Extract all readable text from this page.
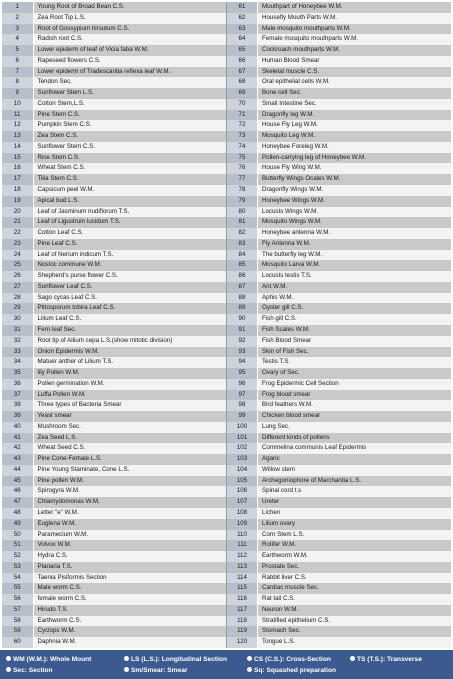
1	Young Root of Broad Bean C.S.	61	Mouthpart of Honeybee W.M.
2	Zea Root Tip L.S.	62	Housefly Mouth Parts W.M.
3	Root of Gossypium hirsutum C.S.	63	Male mosquito mouthparts W.M.
4	Radish root C.S.	64	Female mosquito mouthparts W.M.
5	Lower epiderm of leaf of Vicia faba W.M.	65	Cockroach mouthparts W.M.
6	Rapeseed flowers C.S.	66	Human Blood Smear
7	Lower epiderm of Tradescantia reflexa leaf W.M.	67	Skeletal muscle C.S.
8	Tendon Sec.	68	Oral epithelial cells W.M.
9	Sunflower Stem L.S.	69	Bone cell Sec.
10	Cotton Stem,L.S.	70	Small Intestine Sec.
11	Pine Stem C.S.	71	Dragonfly leg W.M.
12	Pumpkin Stem C.S.	72	House Fly Leg W.M.
13	Zea Stem C.S.	73	Mosquito Leg W.M.
14	Sunflower Stem C.S.	74	Honeybee Foreleg W.M.
15	Rice Stem C.S.	75	Pollen-carrying leg of Honeybee W.M.
16	Wheat Stem C.S.	76	House Fly Wing W.M.
17	Tilia Stem C.S.	77	Butterfly Wings Ocales W.M.
18	Capsicum peel W.M.	78	Dragonfly Wings W.M.
19	Apical bud L.S.	79	Honeybee Wings W.M.
20	Leaf of Jasminum nudiflorum T.S.	80	Locusts Wings W.M.
21	Leaf of Ligustrum lucidum T.S.	81	Mosquito Wings W.M.
22	Cotton Leaf C.S.	82	Honeybee antenna W.M.
23	Pine Leaf C.S.	83	Fly Antenna W.M.
24	Leaf of Nerium indicum T.S.	84	The butterfly leg W.M.
25	Nostoc commune W.M.	85	Mosquito Larva W.M.
26	Shepherd's purse flower C.S.	86	Locusts testis T.S.
27	Sunflower Leaf C.S.	87	Ant W.M.
28	Sago cycas Leaf C.S.	88	Aphis W.M.
29	Pittosporum tobira Leaf C.S.	89	Oyster gill C.S.
30	Lilium Leaf C.S.	90	Fish gill C.S.
31	Fern leaf Sec.	91	Fish Scales W.M.
32	Root tip of Allium cepa L.S.(show mitotic division)	92	Fish Blood Smear
33	Onion Epidermis W.M.	93	Skin of Fish Sec.
34	Matuer anther of Lilium T.S.	94	Testis T.S.
35	lily Pollen W.M.	95	Ovary of Sec.
36	Pollen germination W.M.	96	Frog Epidermic Cell Section
37	Luffa Pollen W.M.	97	Frog blood smear
38	Three types of Bacteria Smear	98	Bird feathers W.M.
39	Yeast smear	99	Chicken blood smear
40	Mushroom Sec.	100	Lung Sec.
41	Zea Seed L.S.	101	Different kinds of pollens
42	Wheat Seed C.S.	102	Commelina communis Leaf Epidermis
43	Pine Cone-Female L.S.	103	Agaric
44	Pine Young Staminate, Cone L.S.	104	Willow stem
45	Pine pollen W.M.	105	Archegoniophore of Marchantia L.S.
46	Spirogyra W.M.	106	Spinal cord t.s
47	Chlamydomonas W.M.	107	Ureter
48	Letter "e" W.M.	108	Lichen
49	Euglena W.M.	109	Lilium ovary
50	Paramecium W.M.	110	Corn Stem L.S.
51	Volvox W.M.	111	Rotifer W.M.
52	Hydra C.S.	112	Earthworm W.M.
53	Planaria T.S.	113	Prostate Sec.
54	Taenia Pisiformis Section	114	Rabbit liver C.S.
55	Male worm C.S.	115	Cardiac muscle Sec.
56	female worm C.S.	116	Rat tail C.S.
57	Hirudo T.S.	117	Neuron W.M.
58	Earthworm C.S.	118	Stratified epithelium C.S.
59	Cyclops W.M.	119	Stomach Sec.
60	Daphnia W.M.	120	Tongue L.S.
WM (W.M.): Whole Mount	LS (L.S.): Longitudinal Section	CS (C.S.): Cross-Section	TS (T.S.): Transverse
Sec: Section	Sm/Smear: Smear	Sq: Squashed preparation
